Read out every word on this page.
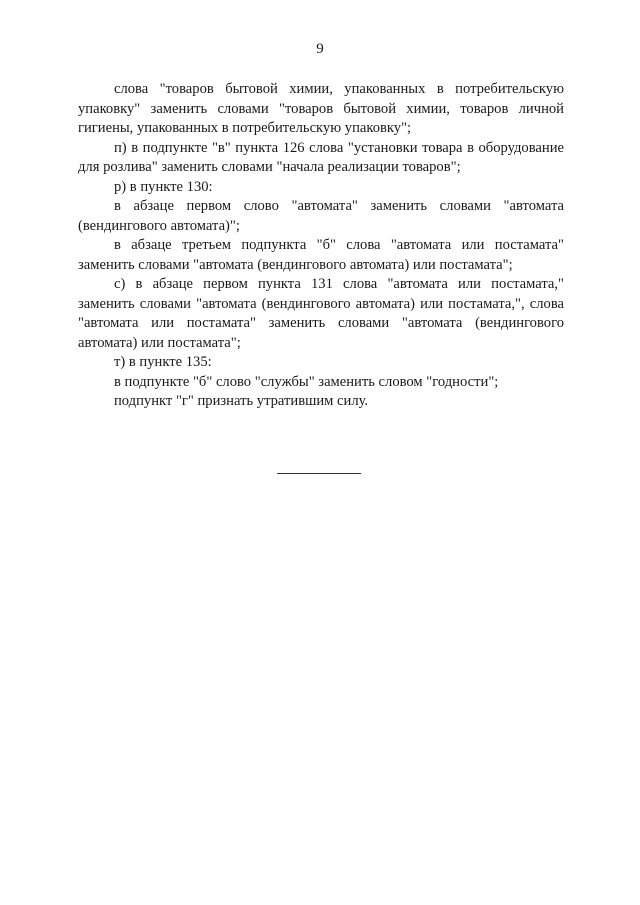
9

слова "товаров бытовой химии, упакованных в потребительскую упаковку" заменить словами "товаров бытовой химии, товаров личной гигиены, упакованных в потребительскую упаковку";

п) в подпункте "в" пункта 126 слова "установки товара в оборудование для розлива" заменить словами "начала реализации товаров";

р) в пункте 130:

в абзаце первом слово "автомата" заменить словами "автомата (вендингового автомата)";

в абзаце третьем подпункта "б" слова "автомата или постамата" заменить словами "автомата (вендингового автомата) или постамата";

с) в абзаце первом пункта 131 слова "автомата или постамата," заменить словами "автомата (вендингового автомата) или постамата,", слова "автомата или постамата" заменить словами "автомата (вендингового автомата) или постамата";

т) в пункте 135:

в подпункте "б" слово "службы" заменить словом "годности";

подпункт "г" признать утратившим силу.
